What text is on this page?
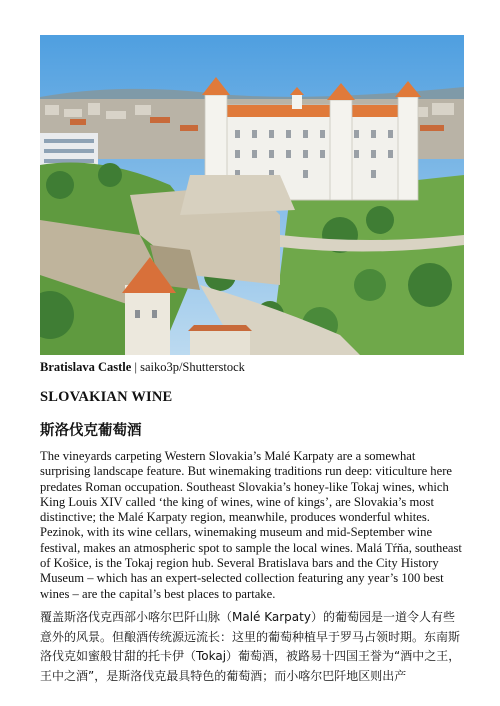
Bratislava Castle | saiko3p/Shutterstock
SLOVAKIAN WINE
斯洛伐克葡萄酒

The vineyards carpeting Western Slovakia’s Malé Karpaty are a somewhat surprising landscape feature. But winemaking traditions run deep: viticulture here predates Roman occupation. Southeast Slovakia’s honey-like Tokaj wines, which King Louis XIV called ‘the king of wines, wine of kings’, are Slovakia’s most distinctive; the Malé Karpaty region, meanwhile, produces wonderful whites. Pezinok, with its wine cellars, winemaking museum and mid-September wine festival, makes an atmospheric spot to sample the local wines. Malá Tŕňa, southeast of Košice, is the Tokaj region hub. Several Bratislava bars and the City History Museum – which has an expert-selected collection featuring any year’s 100 best wines – are the capital’s best places to partake.

覆盖斯洛伐克西部小喀尔巴阡山脉（Malé Karpaty）的葡萄园是一道令人有些意外的风景。但酿酒传统源远流长：这里的葡萄种植早于罗马占领时期。东南斯洛伐克如蜜般甘甜的托卡伊（Tokaj）葡萄酒，被路易十四国王誉为“酒中之王，王中之酒”，是斯洛伐克最具特色的葡萄酒；而小喀尔巴阡地区则出产
